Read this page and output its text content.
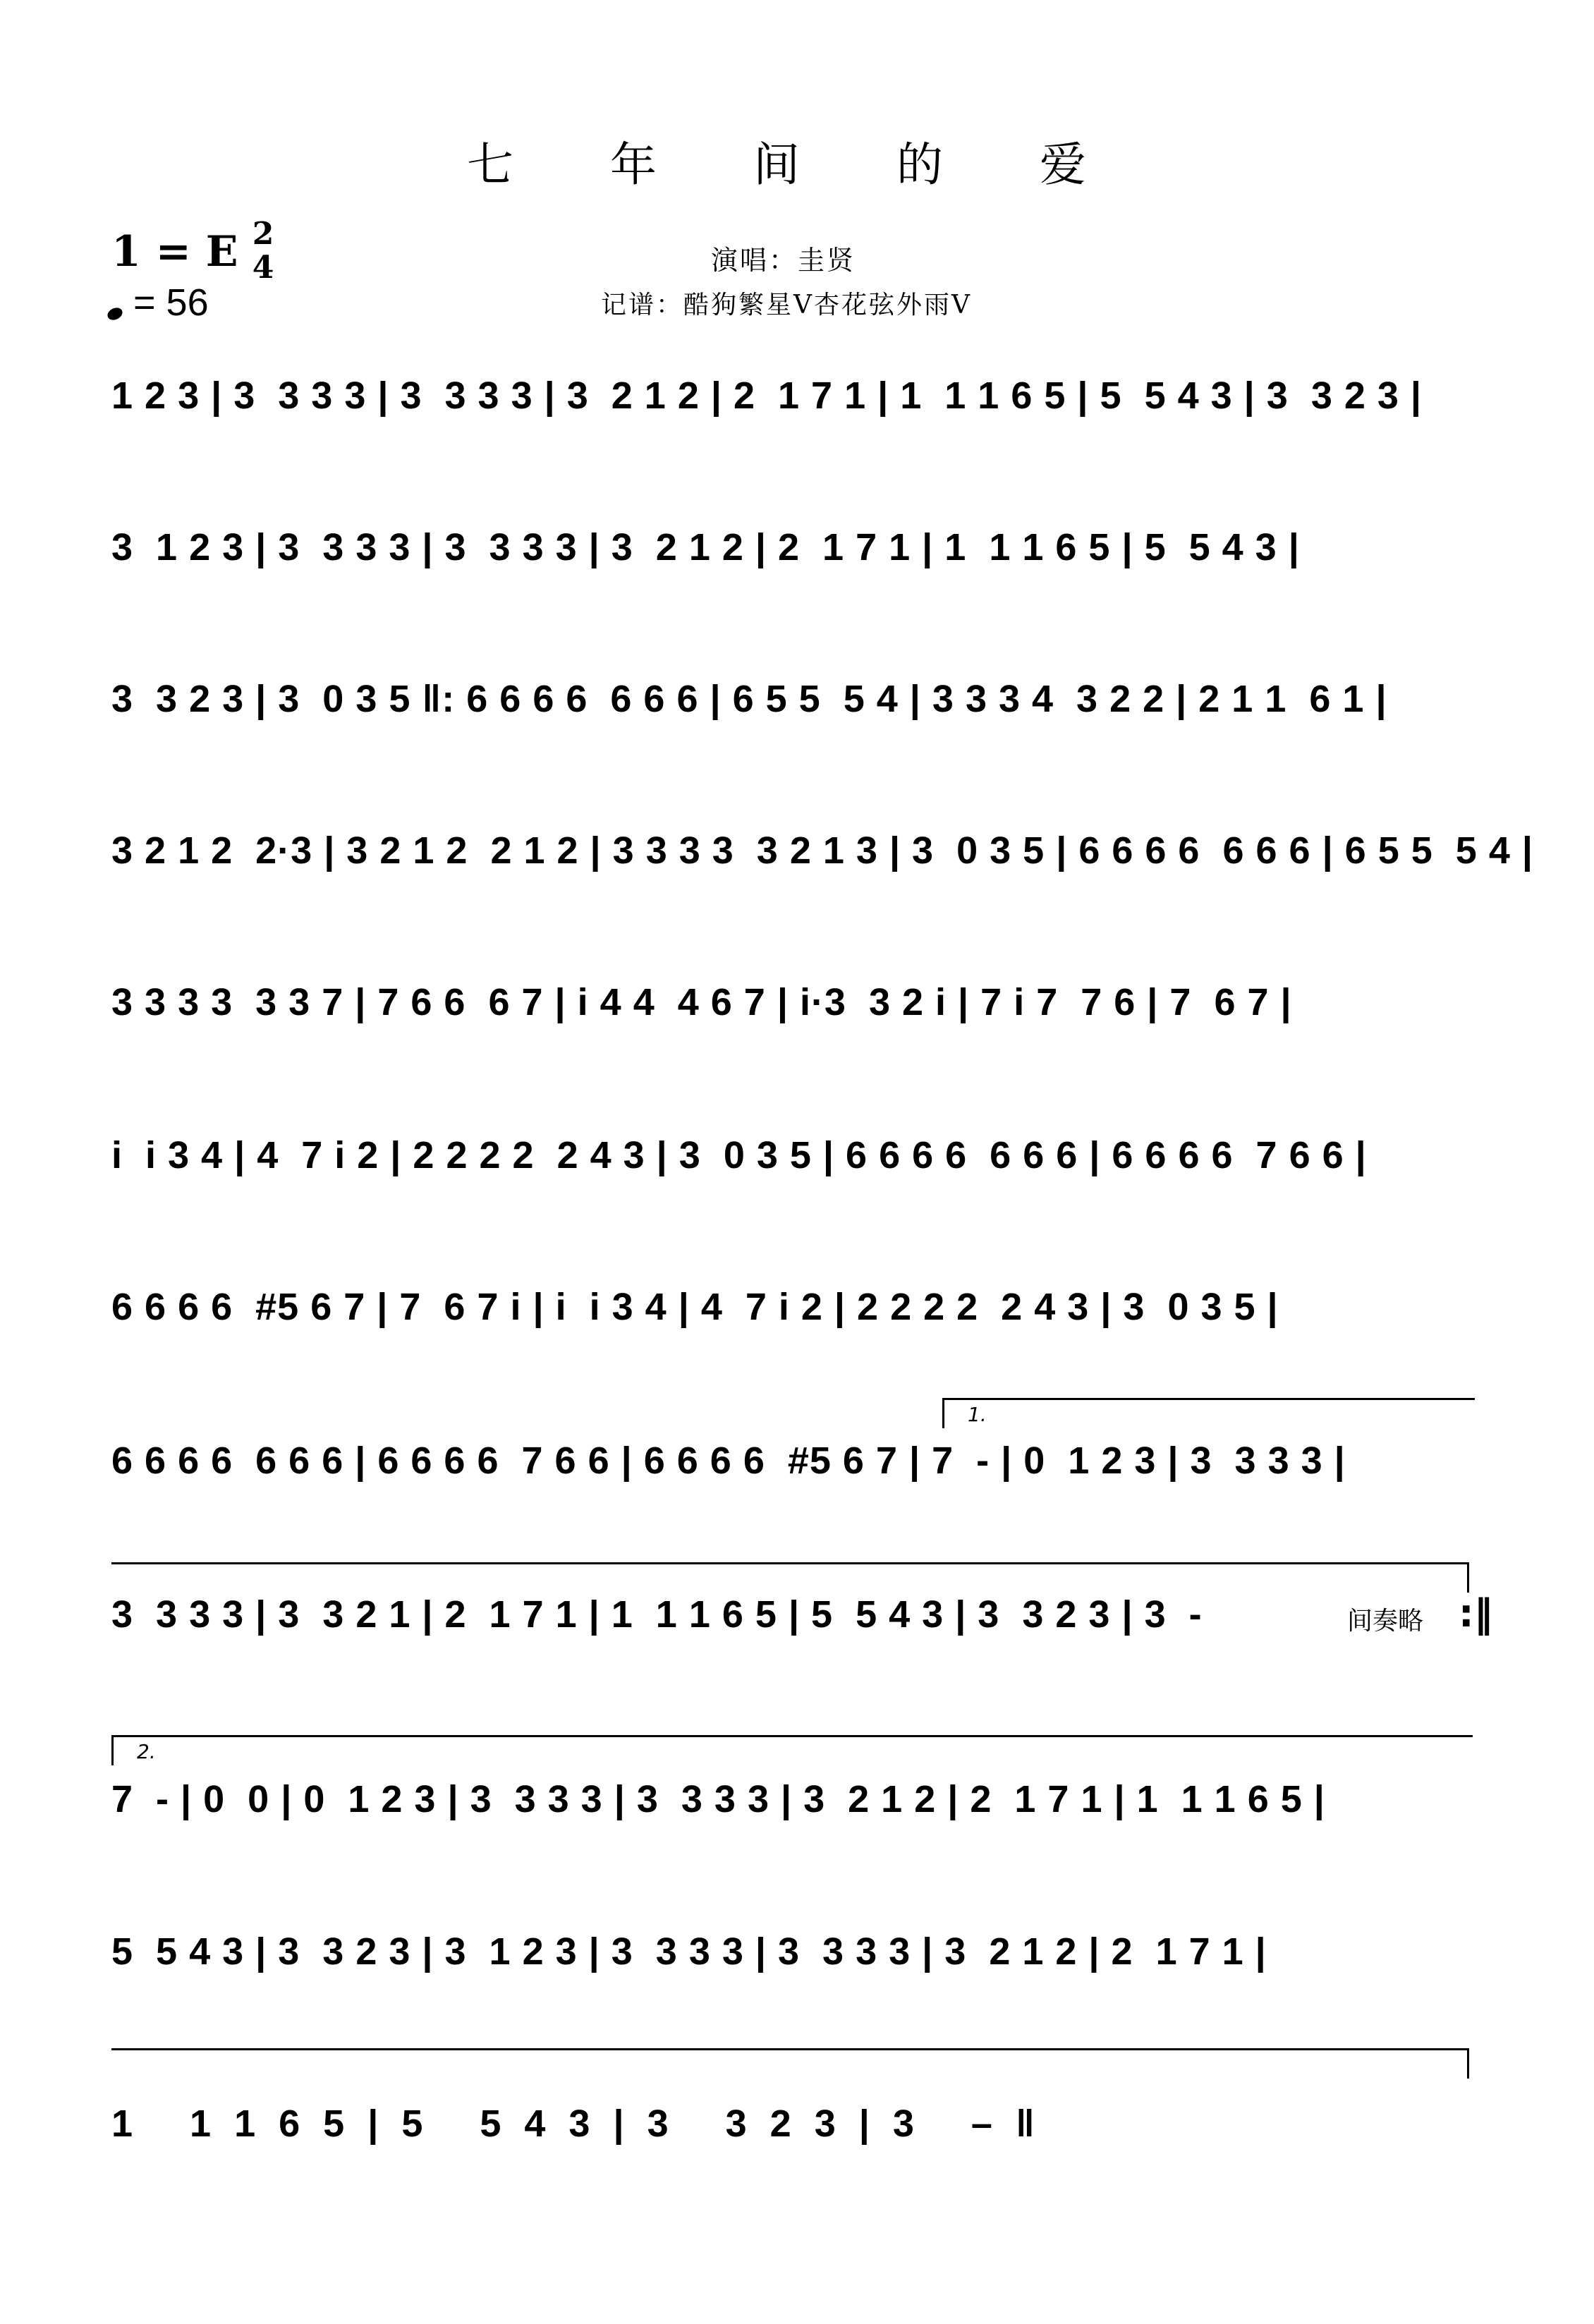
七 年 间 的 爱
1 = E 2
4
= 56
演唱：圭贤
记谱：酷狗繁星V杏花弦外雨V
1 2 3 | 3  3 3 3 | 3  3 3 3 | 3  2 1 2 | 2  1 7 1 | 1  1 1 6 5 | 5  5 4 3 | 3  3 2 3 |
3  1 2 3 | 3  3 3 3 | 3  3 3 3 | 3  2 1 2 | 2  1 7 1 | 1  1 1 6 5 | 5  5 4 3 |
3  3 2 3 | 3  0 3 5 ‖: 6 6 6 6  6 6 6 | 6 5 5  5 4 | 3 3 3 4  3 2 2 | 2 1 1  6 1 |
3 2 1 2  2·3 | 3 2 1 2  2 1 2 | 3 3 3 3  3 2 1 3 | 3  0 3 5 | 6 6 6 6  6 6 6 | 6 5 5  5 4 |
3 3 3 3  3 3 7 | 7 6 6  6 7 | i 4 4  4 6 7 | i·3  3 2 i | 7 i 7  7 6 | 7  6 7 |
i  i 3 4 | 4  7 i 2 | 2 2 2 2  2 4 3 | 3  0 3 5 | 6 6 6 6  6 6 6 | 6 6 6 6  7 6 6 |
6 6 6 6  #5 6 7 | 7  6 7 i | i  i 3 4 | 4  7 i 2 | 2 2 2 2  2 4 3 | 3  0 3 5 |
1.
6 6 6 6  6 6 6 | 6 6 6 6  7 6 6 | 6 6 6 6  #5 6 7 | 7  - | 0  1 2 3 | 3  3 3 3 |
3  3 3 3 | 3  3 2 1 | 2  1 7 1 | 1  1 1 6 5 | 5  5 4 3 | 3  3 2 3 | 3  -	间奏略 :‖
2.
7  - | 0  0 | 0  1 2 3 | 3  3 3 3 | 3  3 3 3 | 3  2 1 2 | 2  1 7 1 | 1  1 1 6 5 |
5  5 4 3 | 3  3 2 3 | 3  1 2 3 | 3  3 3 3 | 3  3 3 3 | 3  2 1 2 | 2  1 7 1 |
1     1  1  6  5  |  5     5  4  3  |  3     3  2  3  |  3     –  ‖
